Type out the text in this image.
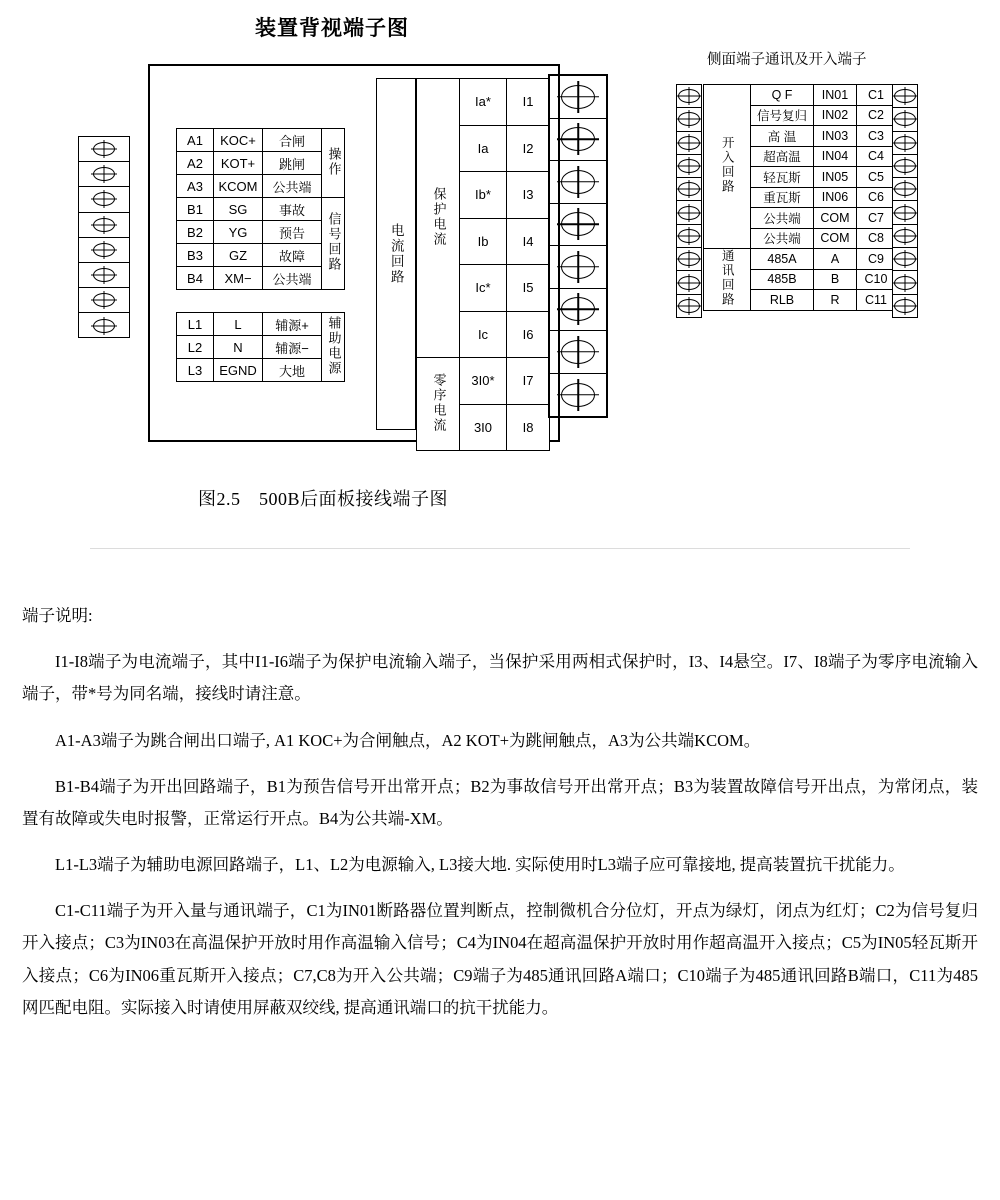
装置背视端子图
侧面端子通讯及开入端子
A1	KOC+	合闸	操作
A2	KOT+	跳闸	
A3	KCOM	公共端	
B1	SG	事故	信号回路
B2	YG	预告	
B3	GZ	故障	
B4	XM−	公共端	

L1	L	辅源+	辅助电源
L2	N	辅源−	
L3	EGND	大地	
电流回路
保护电流	Ia*	I1
	Ia	I2
	Ib*	I3
	Ib	I4
	Ic*	I5
	Ic	I6
零序电流	3I0*	I7
	3I0	I8
开入回路	Q F	IN01	C1
	信号复归	IN02	C2
	高 温	IN03	C3
	超高温	IN04	C4
	轻瓦斯	IN05	C5
	重瓦斯	IN06	C6
	公共端	COM	C7
	公共端	COM	C8
通讯回路	485A	A	C9
	485B	B	C10
	RLB	R	C11
图2.5　500B后面板接线端子图

端子说明:

I1-I8端子为电流端子，其中I1-I6端子为保护电流输入端子，当保护采用两相式保护时，I3、I4悬空。I7、I8端子为零序电流输入端子，带*号为同名端，接线时请注意。

A1-A3端子为跳合闸出口端子, A1 KOC+为合闸触点，A2 KOT+为跳闸触点，A3为公共端KCOM。

B1-B4端子为开出回路端子，B1为预告信号开出常开点；B2为事故信号开出常开点；B3为装置故障信号开出点，为常闭点，装置有故障或失电时报警，正常运行开点。B4为公共端-XM。

L1-L3端子为辅助电源回路端子，L1、L2为电源输入, L3接大地. 实际使用时L3端子应可靠接地, 提高装置抗干扰能力。

C1-C11端子为开入量与通讯端子，C1为IN01断路器位置判断点，控制微机合分位灯，开点为绿灯，闭点为红灯；C2为信号复归开入接点；C3为IN03在高温保护开放时用作高温输入信号；C4为IN04在超高温保护开放时用作超高温开入接点；C5为IN05轻瓦斯开入接点；C6为IN06重瓦斯开入接点；C7,C8为开入公共端；C9端子为485通讯回路A端口；C10端子为485通讯回路B端口，C11为485网匹配电阻。实际接入时请使用屏蔽双绞线, 提高通讯端口的抗干扰能力。
